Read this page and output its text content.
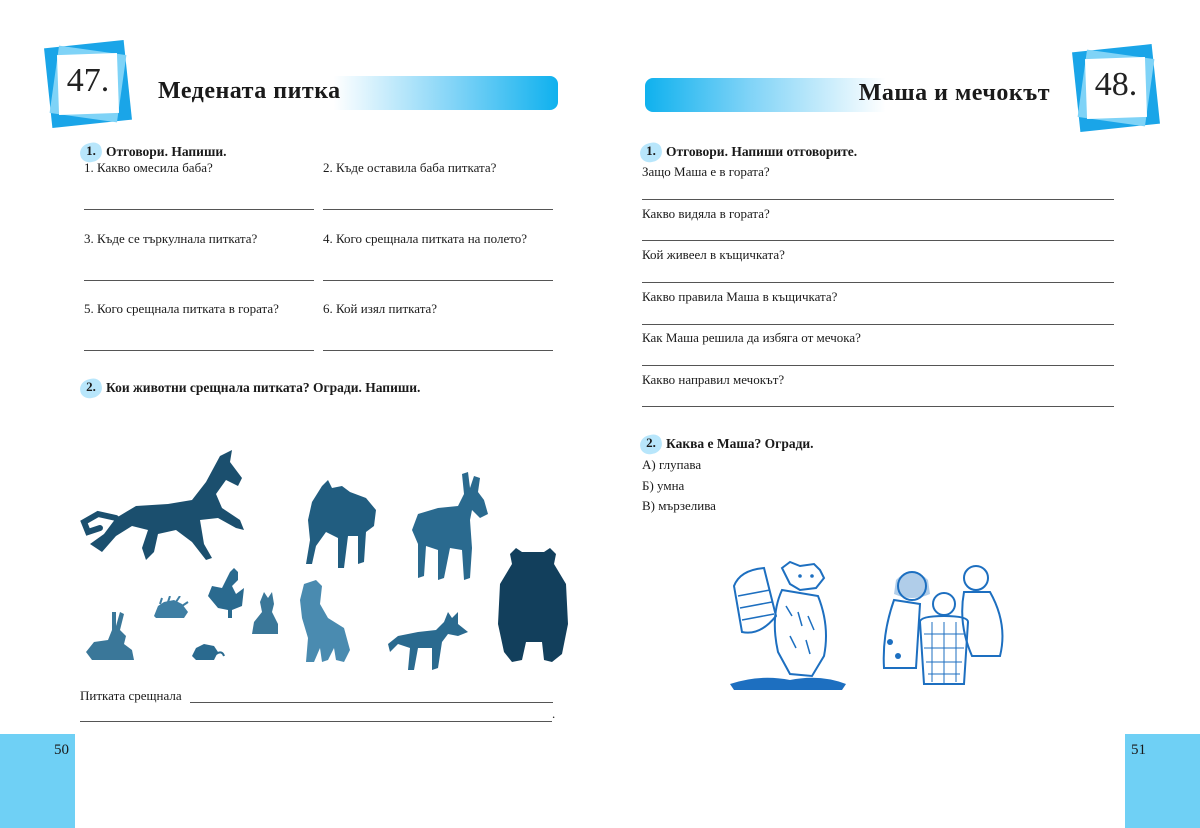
47.	Медената питка
1. Отговори. Напиши.
1. Какво омесила баба?	2. Къде оставила баба питката?
3. Къде се търкулнала питката?	4. Кого срещнала питката на полето?
5. Кого срещнала питката в гората?	6. Кой изял питката?
2. Кои животни срещнала питката? Огради. Напиши.
Питката срещнала
.
50
48.
Маша и мечокът
1. Отговори. Напиши отговорите.
Защо Маша е в гората?
Какво видяла в гората?
Кой живеел в къщичката?
Какво правила Маша в къщичката?
Как Маша решила да избяга от мечока?
Какво направил мечокът?
2. Каква е Маша? Огради.
А) глупава
Б) умна
В) мързелива
51
